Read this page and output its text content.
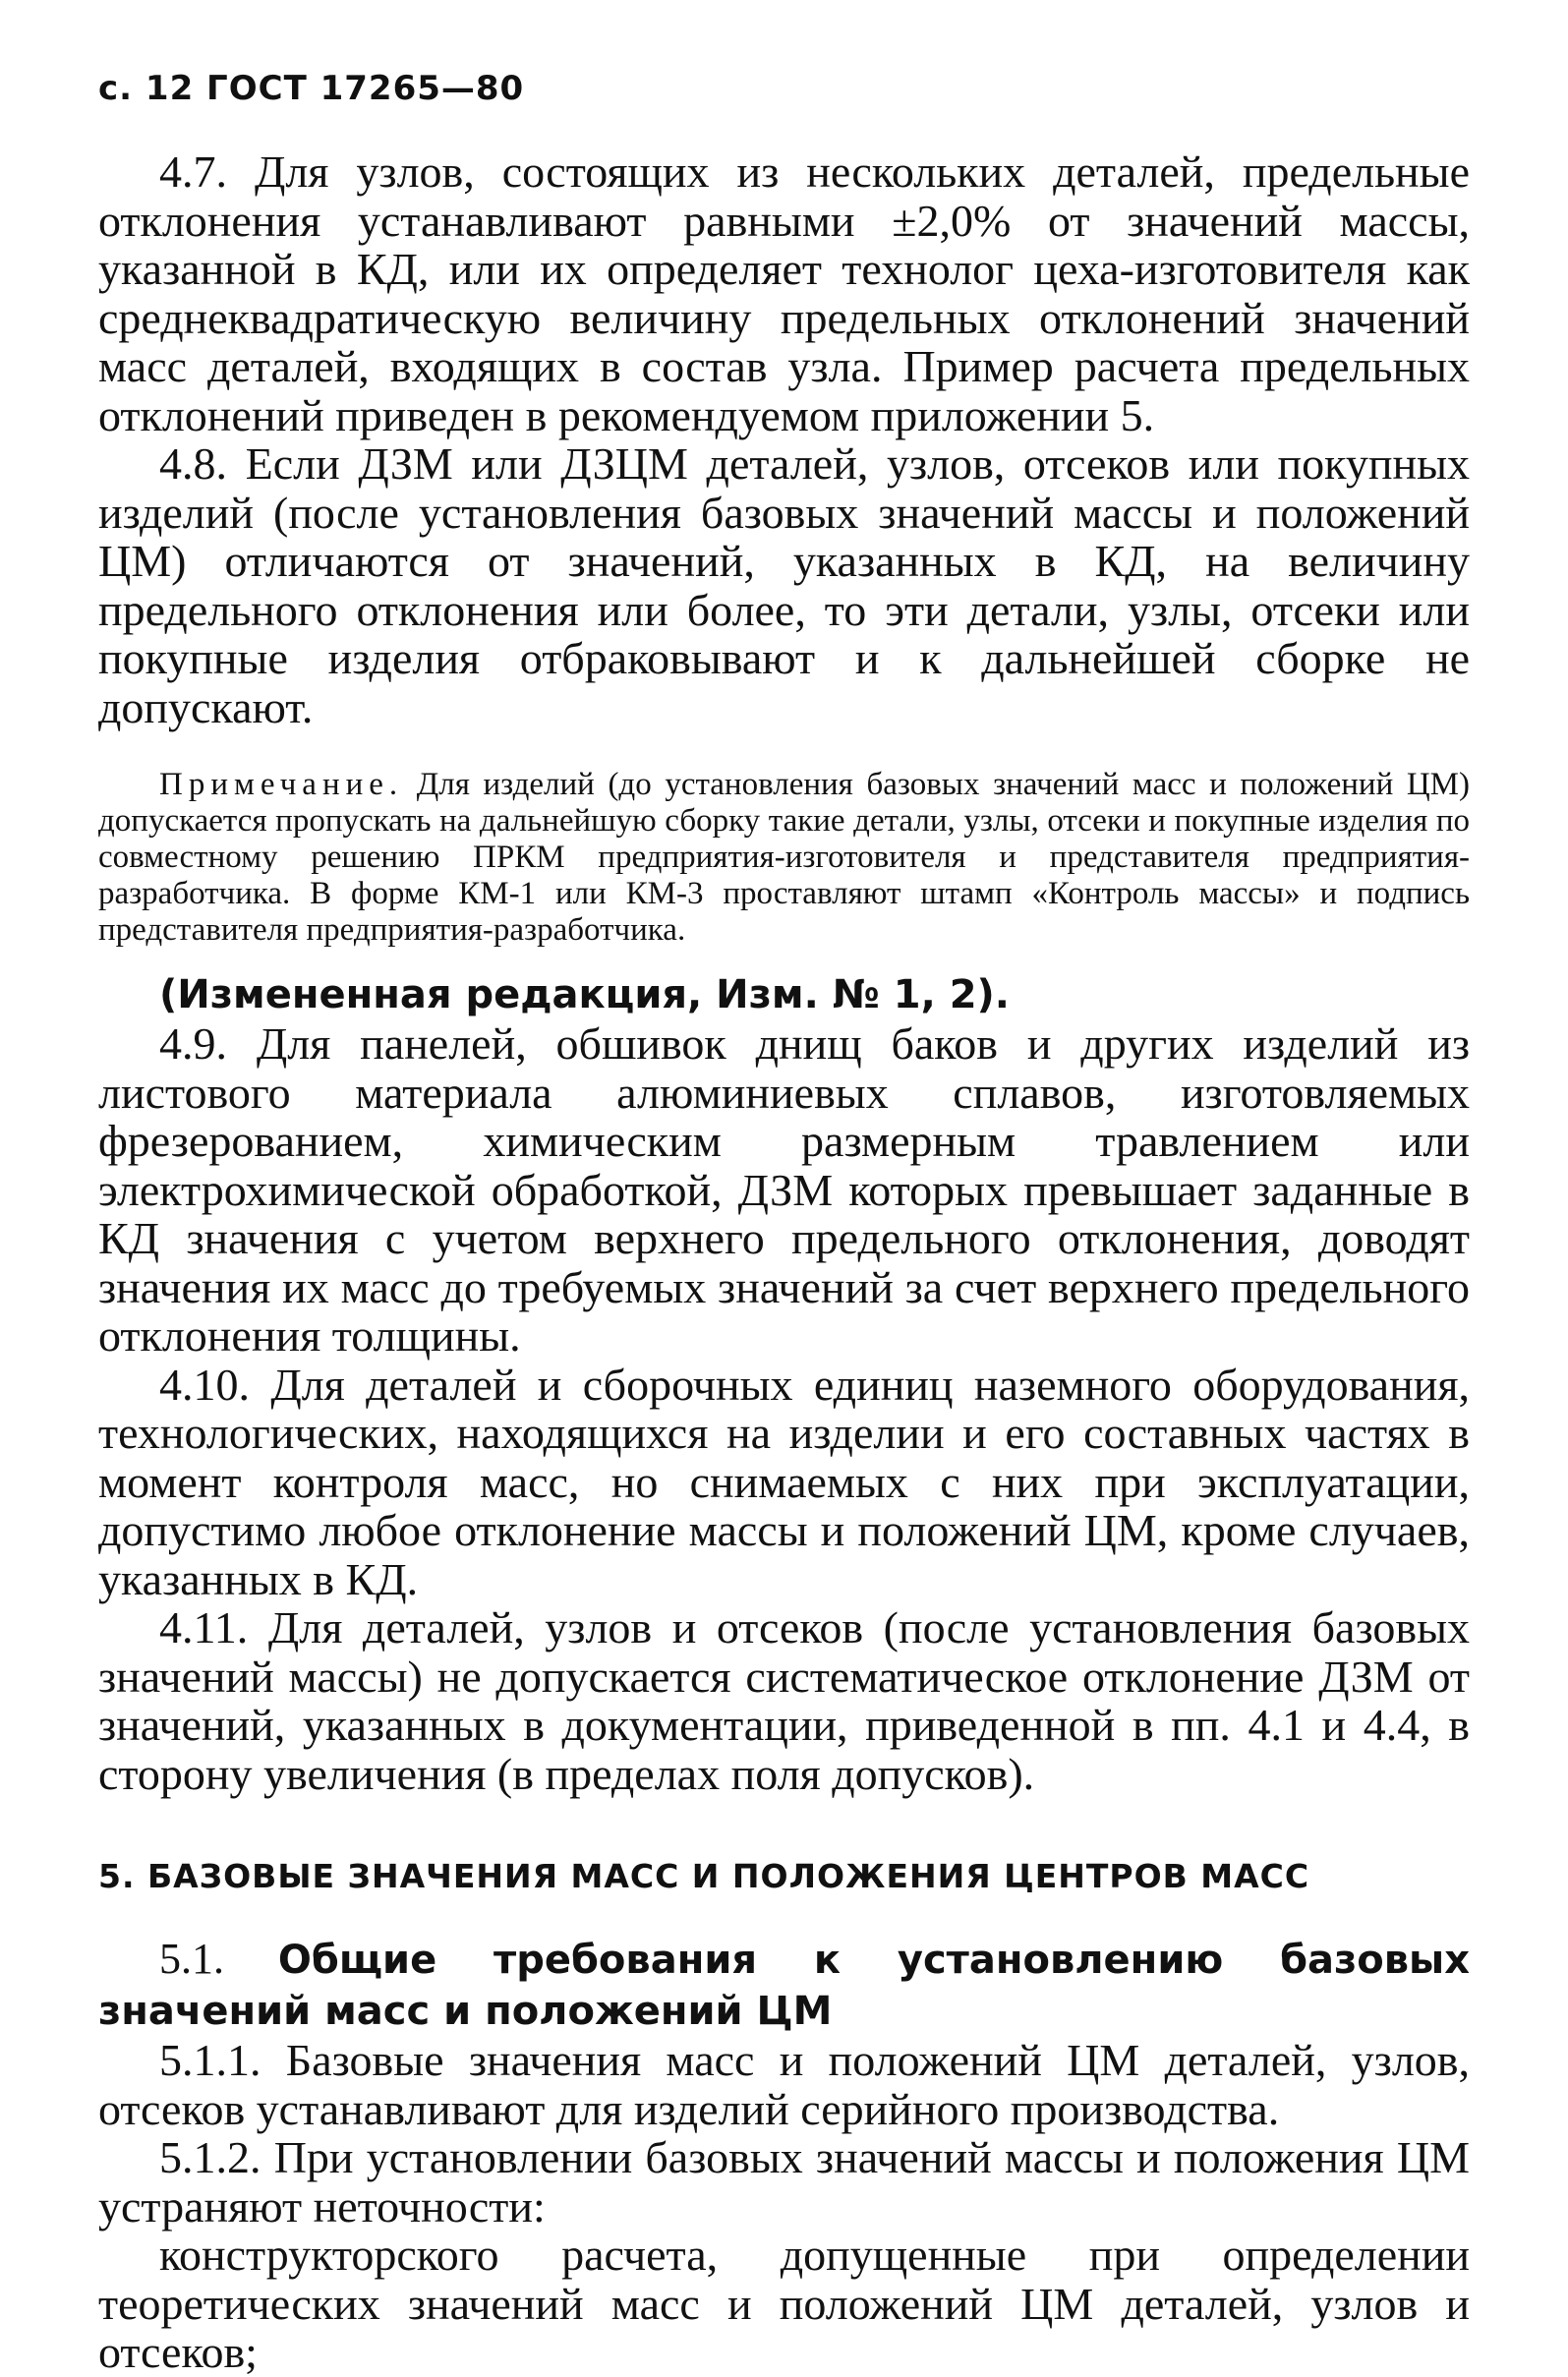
с. 12 ГОСТ 17265—80

4.7. Для узлов, состоящих из нескольких деталей, предельные отклонения устанавливают равными ±2,0% от значений массы, указанной в КД, или их определяет технолог цеха-изготовителя как среднеквадратическую величину предельных отклонений значений масс деталей, входящих в состав узла. Пример расчета предельных отклонений приведен в рекомендуемом приложении 5.

4.8. Если ДЗМ или ДЗЦМ деталей, узлов, отсеков или покупных изделий (после установления базовых значений массы и положений ЦМ) отличаются от значений, указанных в КД, на величину предельного отклонения или более, то эти детали, узлы, отсеки или покупные изделия отбраковывают и к дальнейшей сборке не допускают.

Примечание. Для изделий (до установления базовых значений масс и положений ЦМ) допускается пропускать на дальнейшую сборку такие детали, узлы, отсеки и покупные изделия по совместному решению ПРКМ предприятия-изготовителя и представителя предприятия-разработчика. В форме КМ-1 или КМ-3 проставляют штамп «Контроль массы» и подпись представителя предприятия-разработчика.

(Измененная редакция, Изм. № 1, 2).

4.9. Для панелей, обшивок днищ баков и других изделий из листового материала алюминиевых сплавов, изготовляемых фрезерованием, химическим размерным травлением или электрохимической обработкой, ДЗМ которых превышает заданные в КД значения с учетом верхнего предельного отклонения, доводят значения их масс до требуемых значений за счет верхнего предельного отклонения толщины.

4.10. Для деталей и сборочных единиц наземного оборудования, технологических, находящихся на изделии и его составных частях в момент контроля масс, но снимаемых с них при эксплуатации, допустимо любое отклонение массы и положений ЦМ, кроме случаев, указанных в КД.

4.11. Для деталей, узлов и отсеков (после установления базовых значений массы) не допускается систематическое отклонение ДЗМ от значений, указанных в документации, приведенной в пп. 4.1 и 4.4, в сторону увеличения (в пределах поля допусков).

5. БАЗОВЫЕ ЗНАЧЕНИЯ МАСС И ПОЛОЖЕНИЯ ЦЕНТРОВ МАСС

5.1. Общие требования к установлению базовых значений масс и положений ЦМ

5.1.1. Базовые значения масс и положений ЦМ деталей, узлов, отсеков устанавливают для изделий серийного производства.

5.1.2. При установлении базовых значений массы и положения ЦМ устраняют неточности:

конструкторского расчета, допущенные при определении теоретических значений масс и положений ЦМ деталей, узлов и отсеков;
